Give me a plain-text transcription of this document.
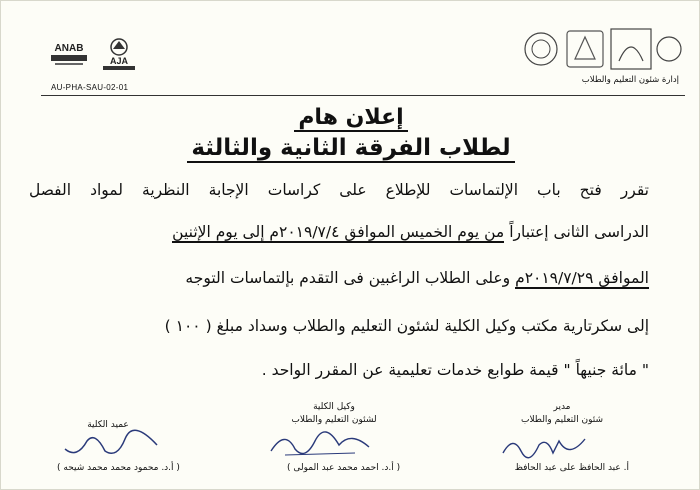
ANAB
AJA
AU-PHA-SAU-02-01
إدارة شئون التعليم والطلاب
إعلان هام
لطلاب الفرقة الثانية والثالثة
تقرر فتح باب الإلتماسات للإطلاع على كراسات الإجابة النظرية لمواد الفصل
الدراسى الثانى إعتباراً من يوم الخميس الموافق ٢٠١٩/٧/٤م إلى يوم الإثنين
الموافق ٢٠١٩/٧/٢٩م وعلى الطلاب الراغبين فى التقدم بإلتماسات التوجه
إلى سكرتارية مكتب وكيل الكلية لشئون التعليم والطلاب وسداد مبلغ ( ١٠٠ )
" مائة جنيهاً " قيمة طوابع خدمات تعليمية عن المقرر الواحد .
مدير
شئون التعليم والطلاب
أ. عبد الحافظ على عبد الحافظ
وكيل الكلية
لشئون التعليم والطلاب
( أ.د. احمد محمد عبد المولى )
عميد الكلية
( أ.د. محمود محمد محمد شيحه )
